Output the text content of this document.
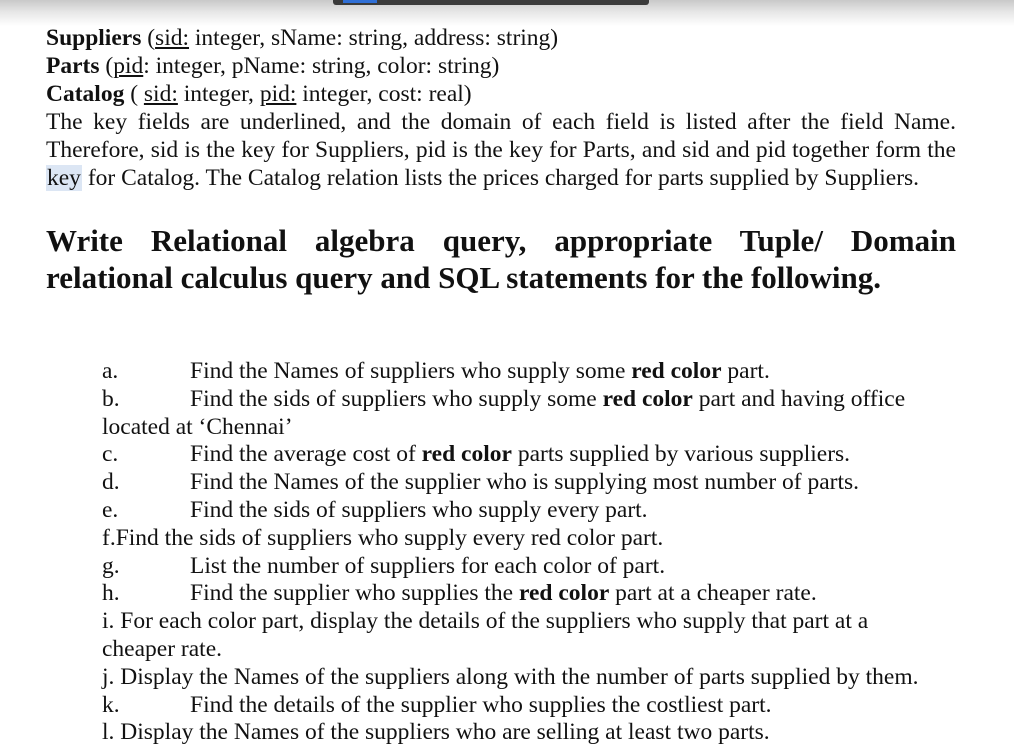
Suppliers (sid: integer, sName: string, address: string)
Parts (pid: integer, pName: string, color: string)
Catalog ( sid: integer, pid: integer, cost: real)
The key fields are underlined, and the domain of each field is listed after the field Name. Therefore, sid is the key for Suppliers, pid is the key for Parts, and sid and pid together form the key for Catalog. The Catalog relation lists the prices charged for parts supplied by Suppliers.
Write Relational algebra query, appropriate Tuple/ Domain relational calculus query and SQL statements for the following.
a.	Find the Names of suppliers who supply some red color part.
b.	Find the sids of suppliers who supply some red color part and having office
located at ‘Chennai’
c.	Find the average cost of red color parts supplied by various suppliers.
d.	Find the Names of the supplier who is supplying most number of parts.
e.	Find the sids of suppliers who supply every part.
f.Find the sids of suppliers who supply every red color part.
g.	List the number of suppliers for each color of part.
h.	Find the supplier who supplies the red color part at a cheaper rate.
i. For each color part, display the details of the suppliers who supply that part at a
cheaper rate.
j. Display the Names of the suppliers along with the number of parts supplied by them.
k.	Find the details of the supplier who supplies the costliest part.
l. Display the Names of the suppliers who are selling at least two parts.
